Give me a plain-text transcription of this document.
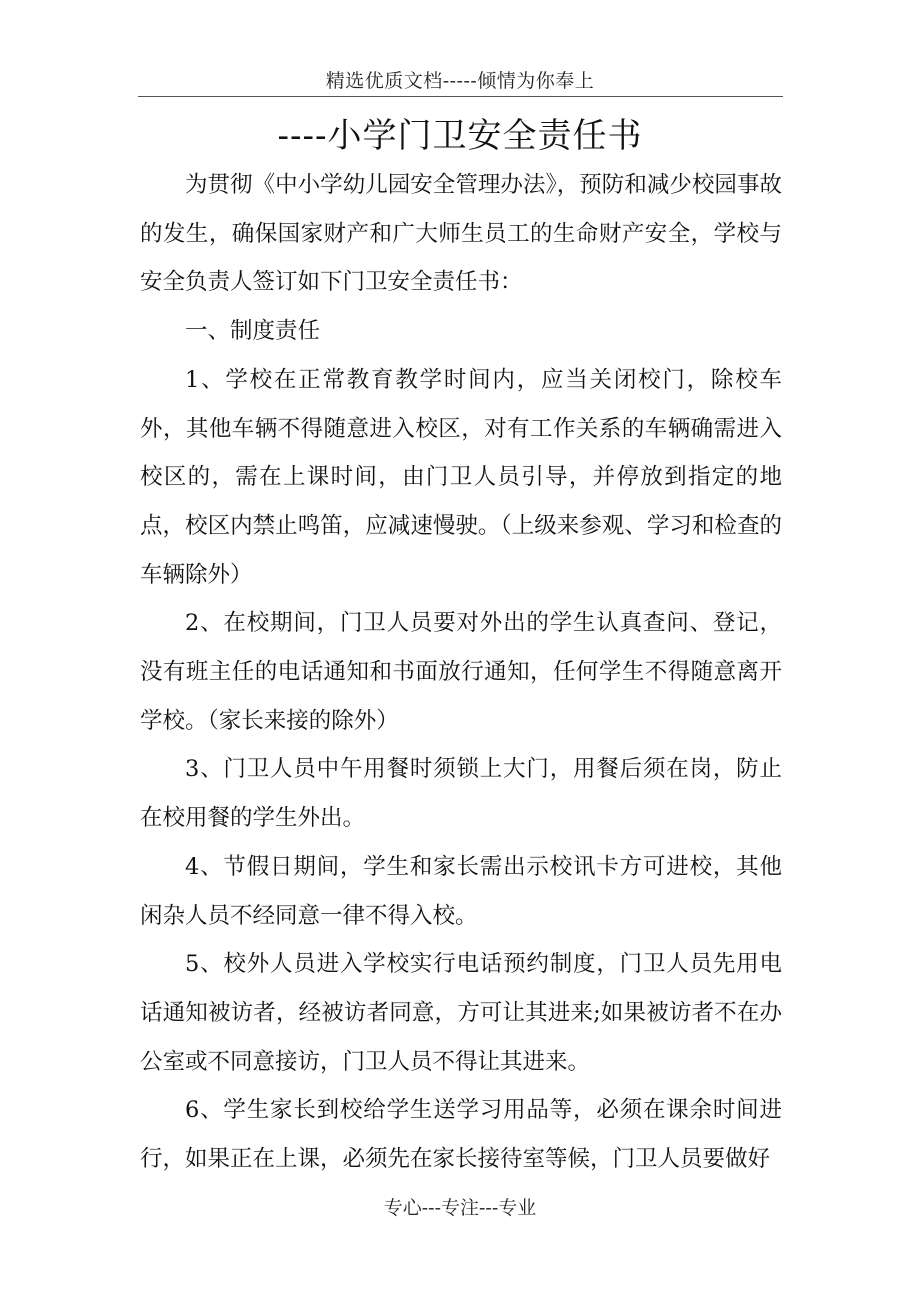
精选优质文档-----倾情为你奉上
----小学门卫安全责任书

为贯彻《中小学幼儿园安全管理办法》，预防和减少校园事故的发生，确保国家财产和广大师生员工的生命财产安全，学校与安全负责人签订如下门卫安全责任书：

一、制度责任

1、学校在正常教育教学时间内，应当关闭校门，除校车外，其他车辆不得随意进入校区，对有工作关系的车辆确需进入校区的，需在上课时间，由门卫人员引导，并停放到指定的地点，校区内禁止鸣笛，应减速慢驶。（上级来参观、学习和检查的车辆除外）

2、在校期间，门卫人员要对外出的学生认真查问、登记，没有班主任的电话通知和书面放行通知，任何学生不得随意离开学校。（家长来接的除外）

3、门卫人员中午用餐时须锁上大门，用餐后须在岗，防止在校用餐的学生外出。

4、节假日期间，学生和家长需出示校讯卡方可进校，其他闲杂人员不经同意一律不得入校。

5、校外人员进入学校实行电话预约制度，门卫人员先用电话通知被访者，经被访者同意，方可让其进来;如果被访者不在办公室或不同意接访，门卫人员不得让其进来。

6、学生家长到校给学生送学习用品等，必须在课余时间进行，如果正在上课，必须先在家长接待室等候，门卫人员要做好

专心---专注---专业
